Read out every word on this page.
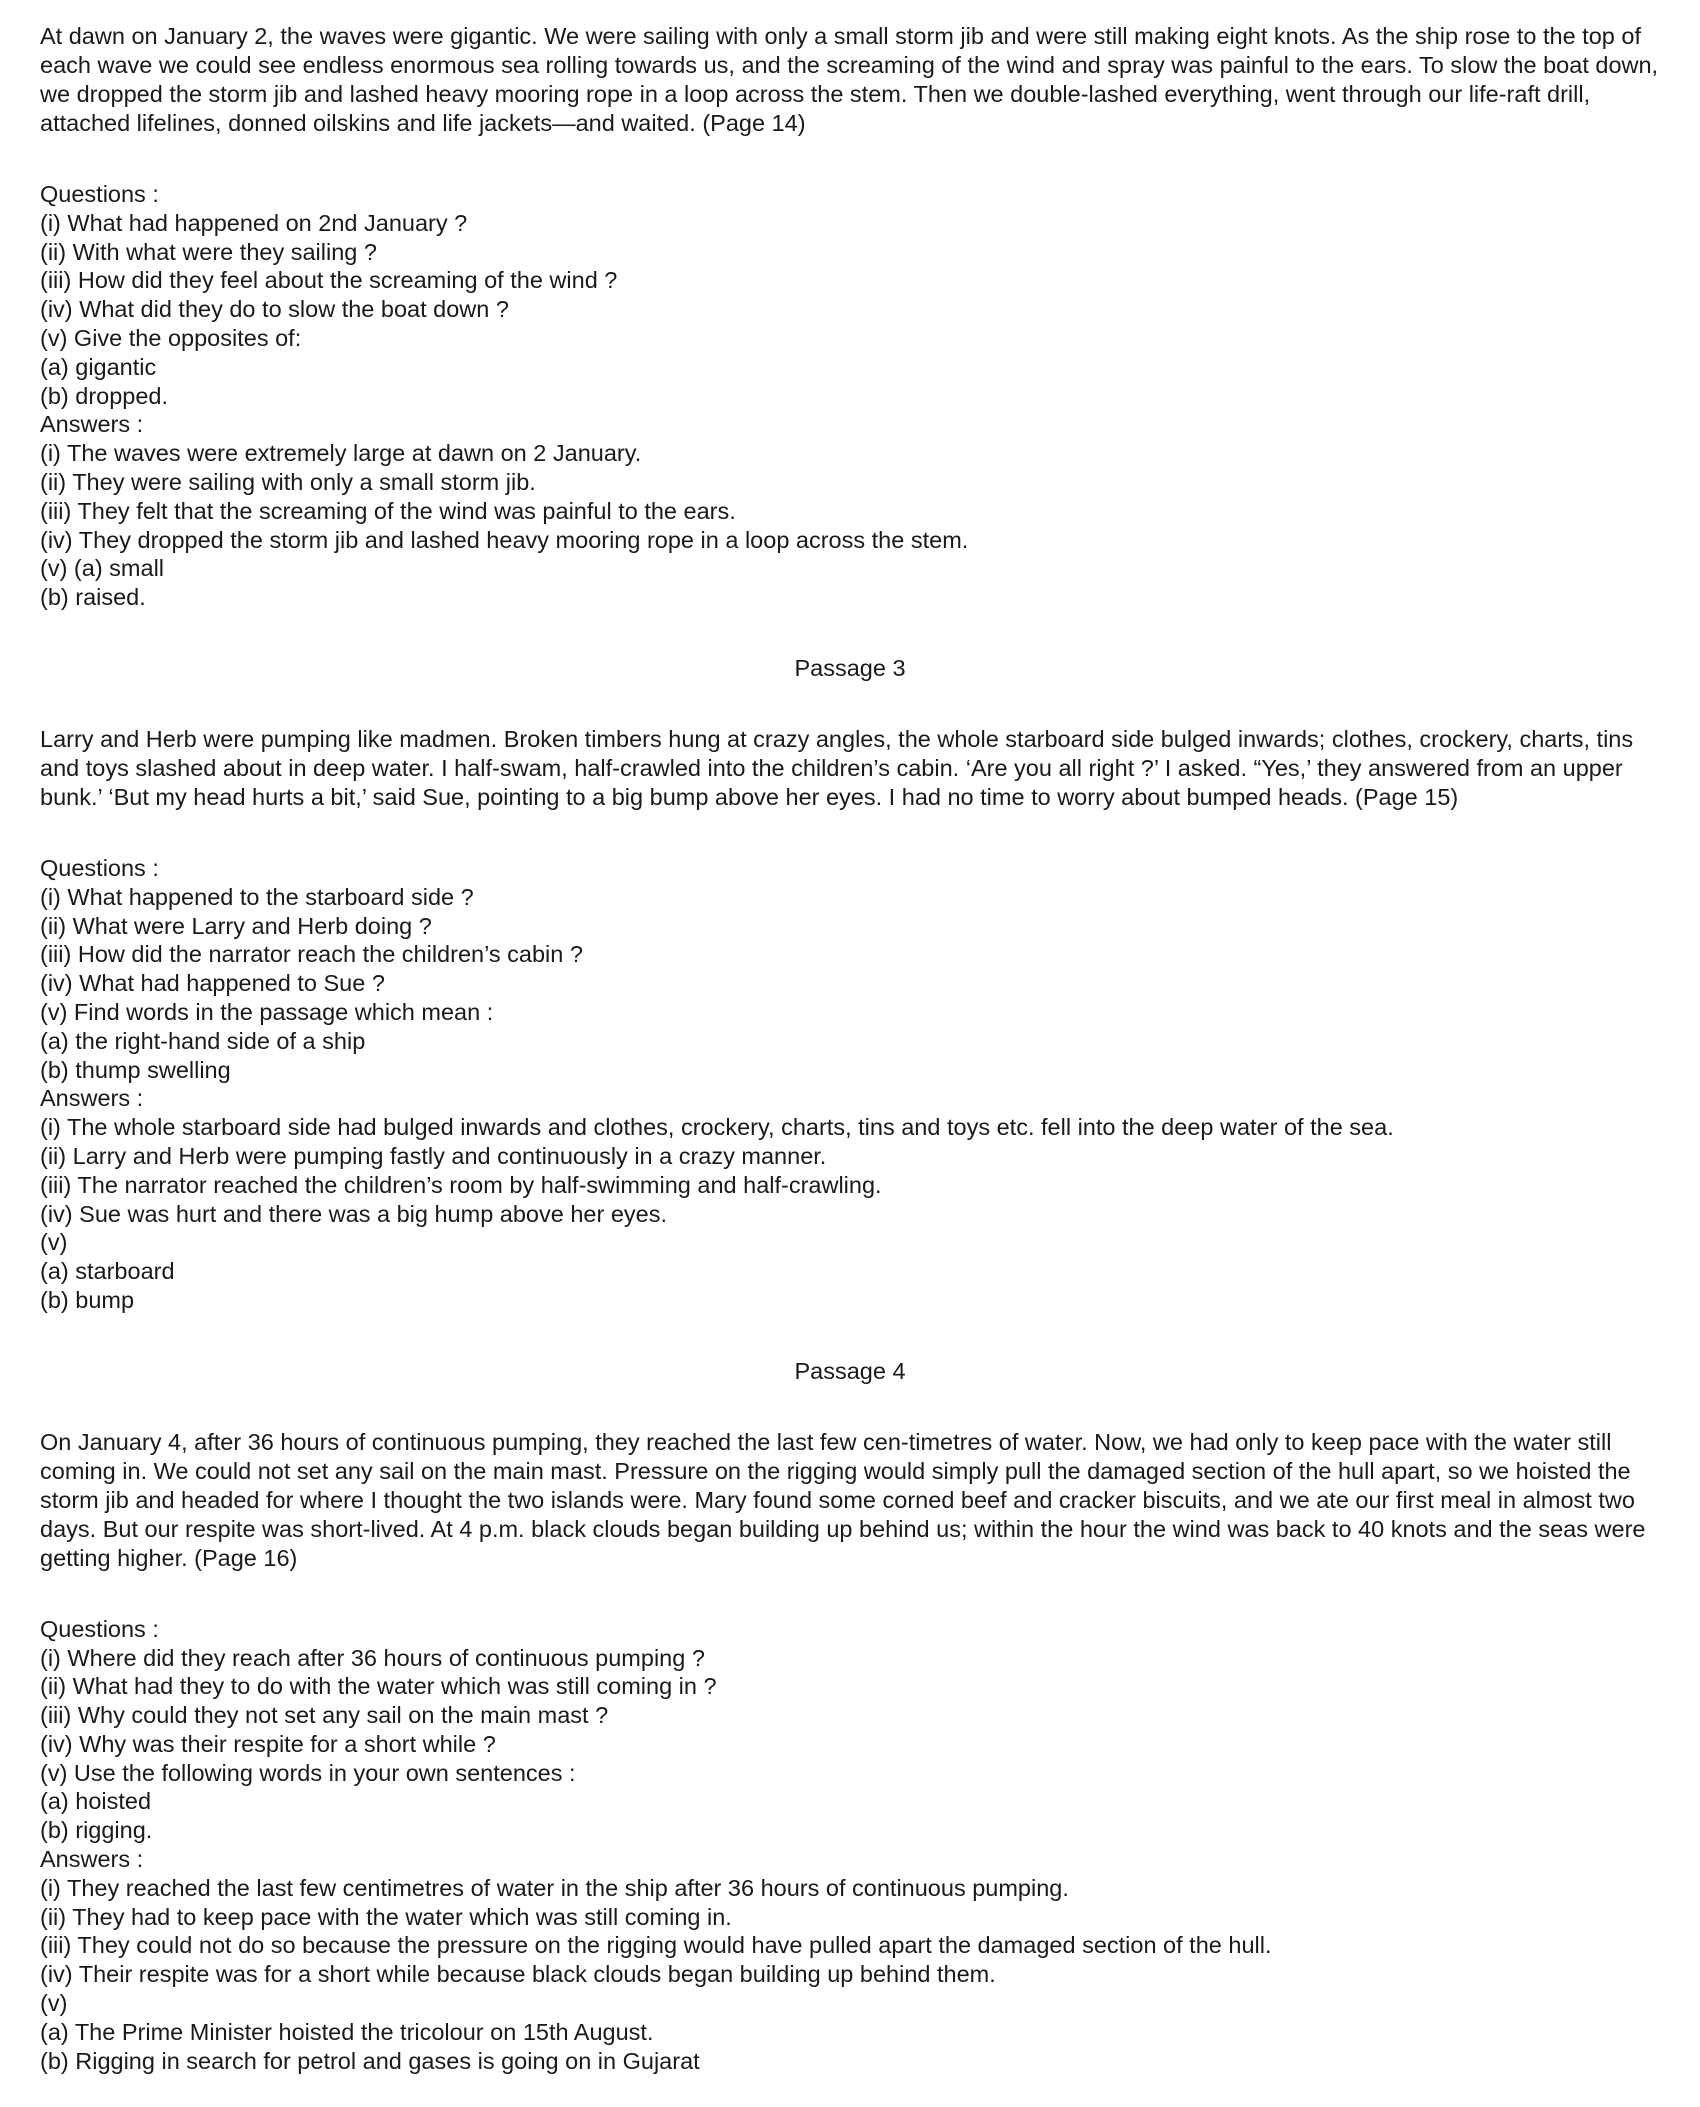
At dawn on January 2, the waves were gigantic. We were sailing with only a small storm jib and were still making eight knots. As the ship rose to the top of each wave we could see endless enormous sea rolling towards us, and the screaming of the wind and spray was painful to the ears. To slow the boat down, we dropped the storm jib and lashed heavy mooring rope in a loop across the stem. Then we double-lashed everything, went through our life-raft drill, attached lifelines, donned oilskins and life jackets—and waited. (Page 14)

Questions :
(i) What had happened on 2nd January ?
(ii) With what were they sailing ?
(iii) How did they feel about the screaming of the wind ?
(iv) What did they do to slow the boat down ?
(v) Give the opposites of:
(a) gigantic
(b) dropped.
Answers :
(i) The waves were extremely large at dawn on 2 January.
(ii) They were sailing with only a small storm jib.
(iii) They felt that the screaming of the wind was painful to the ears.
(iv) They dropped the storm jib and lashed heavy mooring rope in a loop across the stem.
(v) (a) small
(b) raised.
Passage 3

Larry and Herb were pumping like madmen. Broken timbers hung at crazy angles, the whole starboard side bulged inwards; clothes, crockery, charts, tins and toys slashed about in deep water. I half-swam, half-crawled into the children’s cabin. ‘Are you all right ?’ I asked. “Yes,’ they answered from an upper bunk.’ ‘But my head hurts a bit,’ said Sue, pointing to a big bump above her eyes. I had no time to worry about bumped heads. (Page 15)

Questions :
(i) What happened to the starboard side ?
(ii) What were Larry and Herb doing ?
(iii) How did the narrator reach the children’s cabin ?
(iv) What had happened to Sue ?
(v) Find words in the passage which mean :
(a) the right-hand side of a ship
(b) thump swelling
Answers :
(i) The whole starboard side had bulged inwards and clothes, crockery, charts, tins and toys etc. fell into the deep water of the sea.
(ii) Larry and Herb were pumping fastly and continuously in a crazy manner.
(iii) The narrator reached the children’s room by half-swimming and half-crawling.
(iv) Sue was hurt and there was a big hump above her eyes.
(v)
(a) starboard
(b) bump
Passage 4

On January 4, after 36 hours of continuous pumping, they reached the last few cen-timetres of water. Now, we had only to keep pace with the water still coming in. We could not set any sail on the main mast. Pressure on the rigging would simply pull the damaged section of the hull apart, so we hoisted the storm jib and headed for where I thought the two islands were. Mary found some corned beef and cracker biscuits, and we ate our first meal in almost two days. But our respite was short-lived. At 4 p.m. black clouds began building up behind us; within the hour the wind was back to 40 knots and the seas were getting higher. (Page 16)

Questions :
(i) Where did they reach after 36 hours of continuous pumping ?
(ii) What had they to do with the water which was still coming in ?
(iii) Why could they not set any sail on the main mast ?
(iv) Why was their respite for a short while ?
(v) Use the following words in your own sentences :
(a) hoisted
(b) rigging.
Answers :
(i) They reached the last few centimetres of water in the ship after 36 hours of continuous pumping.
(ii) They had to keep pace with the water which was still coming in.
(iii) They could not do so because the pressure on the rigging would have pulled apart the damaged section of the hull.
(iv) Their respite was for a short while because black clouds began building up behind them.
(v)
(a) The Prime Minister hoisted the tricolour on 15th August.
(b) Rigging in search for petrol and gases is going on in Gujarat
